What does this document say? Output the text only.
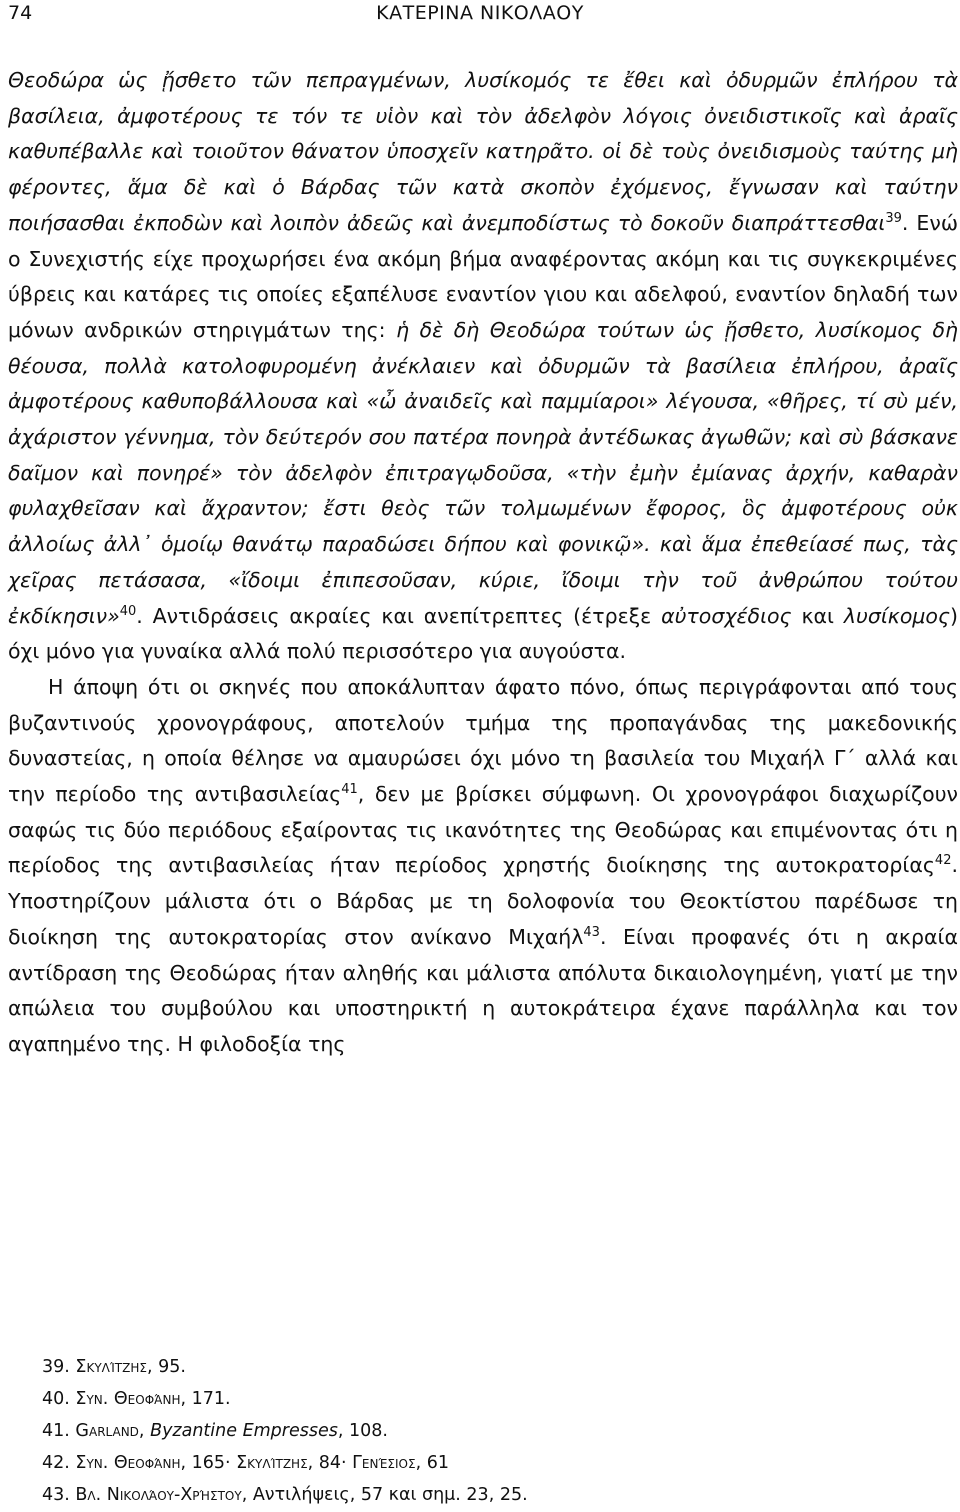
74	ΚΑΤΕΡΙΝΑ ΝΙΚΟΛΑΟΥ

Θεοδώρα ὡς ᾔσθετο τῶν πεπραγμένων, λυσίκομός τε ἔθει καὶ ὀδυρμῶν ἐπλήρου τὰ βασίλεια, ἀμφοτέρους τε τόν τε υἱὸν καὶ τὸν ἀδελφὸν λόγοις ὀνειδιστικοῖς καὶ ἀραῖς καθυπέβαλλε καὶ τοιοῦτον θάνατον ὑποσχεῖν κατηρᾶτο. οἱ δὲ τοὺς ὀνειδισμοὺς ταύτης μὴ φέροντες, ἅμα δὲ καὶ ὁ Βάρδας τῶν κατὰ σκοπὸν ἐχόμενος, ἔγνωσαν καὶ ταύτην ποιήσασθαι ἐκποδὼν καὶ λοιπὸν ἀδεῶς καὶ ἀνεμποδίστως τὸ δοκοῦν διαπράττεσθαι$^{39}$. Ενώ ο Συνεχιστής είχε προχωρήσει ένα ακόμη βήμα αναφέροντας ακόμη και τις συγκεκριμένες ύβρεις και κατάρες τις οποίες εξαπέλυσε εναντίον γιου και αδελφού, εναντίον δηλαδή των μόνων ανδρικών στηριγμάτων της: ἡ δὲ δὴ Θεοδώρα τούτων ὡς ᾔσθετο, λυσίκομος δὴ θέουσα, πολλὰ κατολοφυρομένη ἀνέκλαιεν καὶ ὀδυρμῶν τὰ βασίλεια ἐπλήρου, ἀραῖς ἀμφοτέρους καθυποβάλλουσα καὶ «ὦ ἀναιδεῖς καὶ παμμίαροι» λέγουσα, «θῆρες, τί σὺ μέν, ἀχάριστον γέννημα, τὸν δεύτερόν σου πατέρα πονηρὰ ἀντέδωκας ἀγωθῶν; καὶ σὺ βάσκανε δαῖμον καὶ πονηρέ» τὸν ἀδελφὸν ἐπιτραγῳδοῦσα, «τὴν ἐμὴν ἐμίανας ἀρχήν, καθαρὰν φυλαχθεῖσαν καὶ ἄχραντον; ἔστι θεὸς τῶν τολμωμένων ἔφορος, ὃς ἀμφοτέρους οὐκ ἀλλοίως ἀλλ᾽ ὁμοίῳ θανάτῳ παραδώσει δήπου καὶ φονικῷ». καὶ ἅμα ἐπεθείασέ πως, τὰς χεῖρας πετάσασα, «ἴδοιμι ἐπιπεσοῦσαν, κύριε, ἴδοιμι τὴν τοῦ ἀνθρώπου τούτου ἐκδίκησιν»$^{40}$. Αντιδράσεις ακραίες και ανεπίτρεπτες (έτρεξε αὐτοσχέδιος και λυσίκομος) όχι μόνο για γυναίκα αλλά πολύ περισσότερο για αυγούστα.

Η άποψη ότι οι σκηνές που αποκάλυπταν άφατο πόνο, όπως περιγράφονται από τους βυζαντινούς χρονογράφους, αποτελούν τμήμα της προπαγάνδας της μακεδονικής δυναστείας, η οποία θέλησε να αμαυρώσει όχι μόνο τη βασιλεία του Μιχαήλ Γ΄ αλλά και την περίοδο της αντιβασιλείας$^{41}$, δεν με βρίσκει σύμφωνη. Οι χρονογράφοι διαχωρίζουν σαφώς τις δύο περιόδους εξαίροντας τις ικανότητες της Θεοδώρας και επιμένοντας ότι η περίοδος της αντιβασιλείας ήταν περίοδος χρηστής διοίκησης της αυτοκρατορίας$^{42}$. Υποστηρίζουν μάλιστα ότι ο Βάρδας με τη δολοφονία του Θεοκτίστου παρέδωσε τη διοίκηση της αυτοκρατορίας στον ανίκανο Μιχαήλ$^{43}$. Είναι προφανές ότι η ακραία αντίδραση της Θεοδώρας ήταν αληθής και μάλιστα απόλυτα δικαιολογημένη, γιατί με την απώλεια του συμβούλου και υποστηρικτή η αυτοκράτειρα έχανε παράλληλα και τον αγαπημένο της. Η φιλοδοξία της

39. Σκυλίτζης, 95.
40. Συν. Θεοφάνη, 171.
41. Garland, Byzantine Empresses, 108.
42. Συν. Θεοφάνη, 165· Σκυλίτζης, 84· Γενέσιος, 61
43. Βλ. Νικολάου-Χρήστου, Αντιλήψεις, 57 και σημ. 23, 25.
